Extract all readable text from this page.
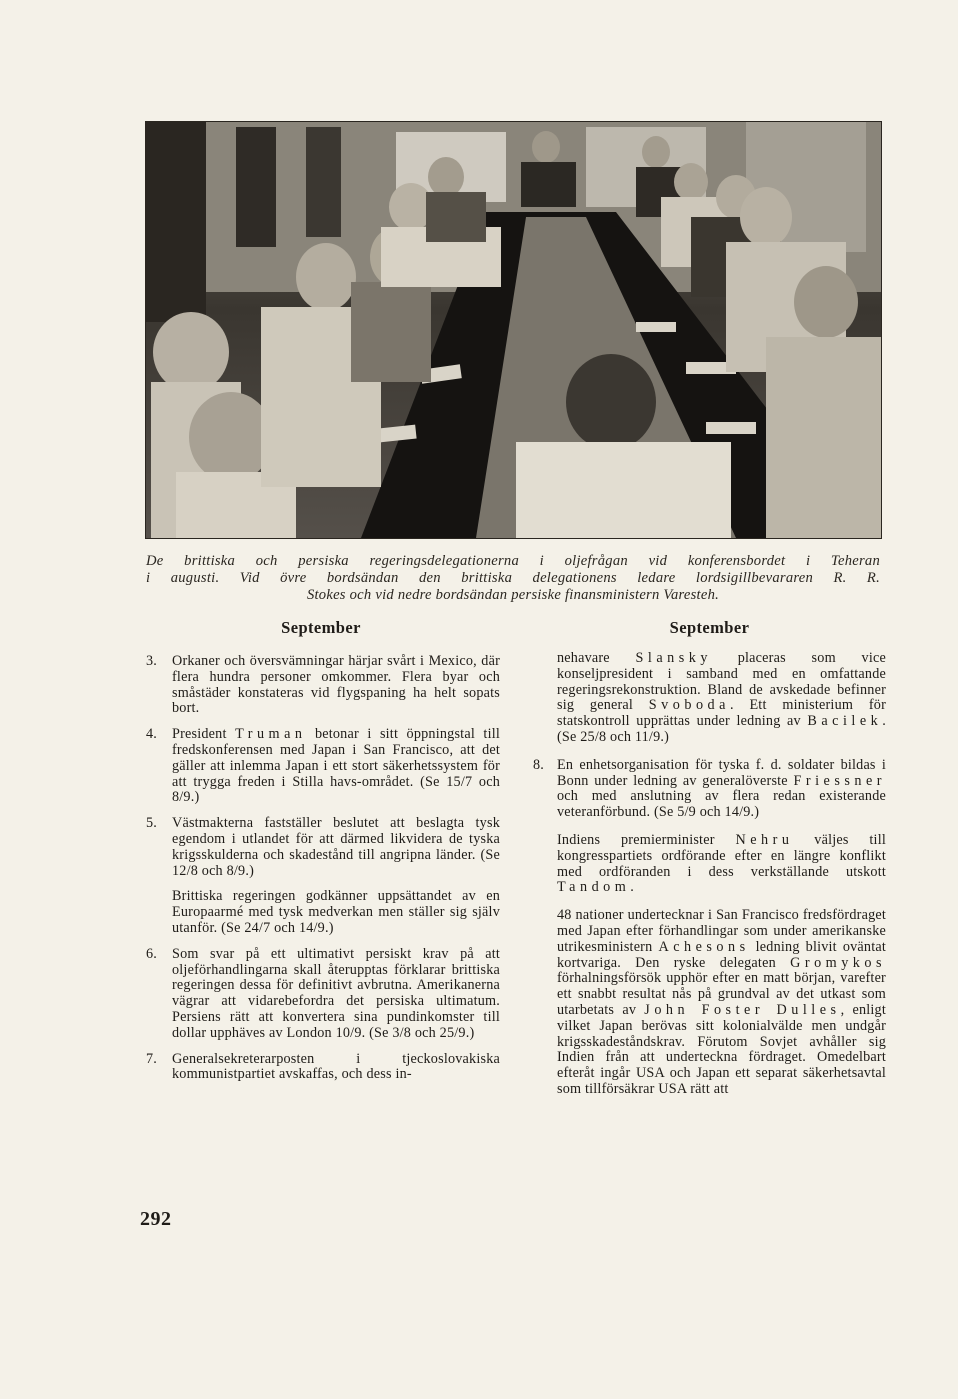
De brittiska och persiska regeringsdelegationerna i oljefrågan vid konferensbordet i Teheran
i augusti. Vid övre bordsändan den brittiska delegationens ledare lordsigillbevararen R. R.
Stokes och vid nedre bordsändan persiske finansministern Varesteh.
September
3. Orkaner och översvämningar härjar svårt i Mexico, där flera hundra personer omkommer. Flera byar och småstäder konstateras vid flygspaning ha helt sopats bort.
4. President Truman betonar i sitt öppningstal till fredskonferensen med Japan i San Francisco, att det gäller att inlemma Japan i ett stort säkerhetssystem för att trygga freden i Stilla havs-området. (Se 15/7 och 8/9.)
5. Västmakterna fastställer beslutet att beslagta tysk egendom i utlandet för att därmed likvidera de tyska krigsskulderna och skadestånd till angripna länder. (Se 12/8 och 8/9.)
Brittiska regeringen godkänner uppsättandet av en Europaarmé med tysk medverkan men ställer sig själv utanför. (Se 24/7 och 14/9.)
6. Som svar på ett ultimativt persiskt krav på att oljeförhandlingarna skall återupptas förklarar brittiska regeringen dessa för definitivt avbrutna. Amerikanerna vägrar att vidarebefordra det persiska ultimatum. Persiens rätt att konvertera sina pundinkomster till dollar upphäves av London 10/9. (Se 3/8 och 25/9.)
7. Generalsekreterarposten i tjeckoslovakiska kommunistpartiet avskaffas, och dess in-
September
nehavare Slansky placeras som vice konseljpresident i samband med en omfattande regeringsrekonstruktion. Bland de avskedade befinner sig general Svoboda. Ett ministerium för statskontroll upprättas under ledning av Bacilek. (Se 25/8 och 11/9.)
8. En enhetsorganisation för tyska f. d. soldater bildas i Bonn under ledning av generalöverste Friessner och med anslutning av flera redan existerande veteranförbund. (Se 5/9 och 14/9.)
Indiens premierminister Nehru väljes till kongresspartiets ordförande efter en längre konflikt med ordföranden i dess verkställande utskott Tandom.
48 nationer undertecknar i San Francisco fredsfördraget med Japan efter förhandlingar som under amerikanske utrikesministern Achesons ledning blivit oväntat kortvariga. Den ryske delegaten Gromykos förhalningsförsök upphör efter en matt början, varefter ett snabbt resultat nås på grundval av det utkast som utarbetats av John Foster Dulles, enligt vilket Japan berövas sitt kolonialvälde men undgår krigsskadeståndskrav. Förutom Sovjet avhåller sig Indien från att underteckna fördraget. Omedelbart efteråt ingår USA och Japan ett separat säkerhetsavtal som tillförsäkrar USA rätt att
292
